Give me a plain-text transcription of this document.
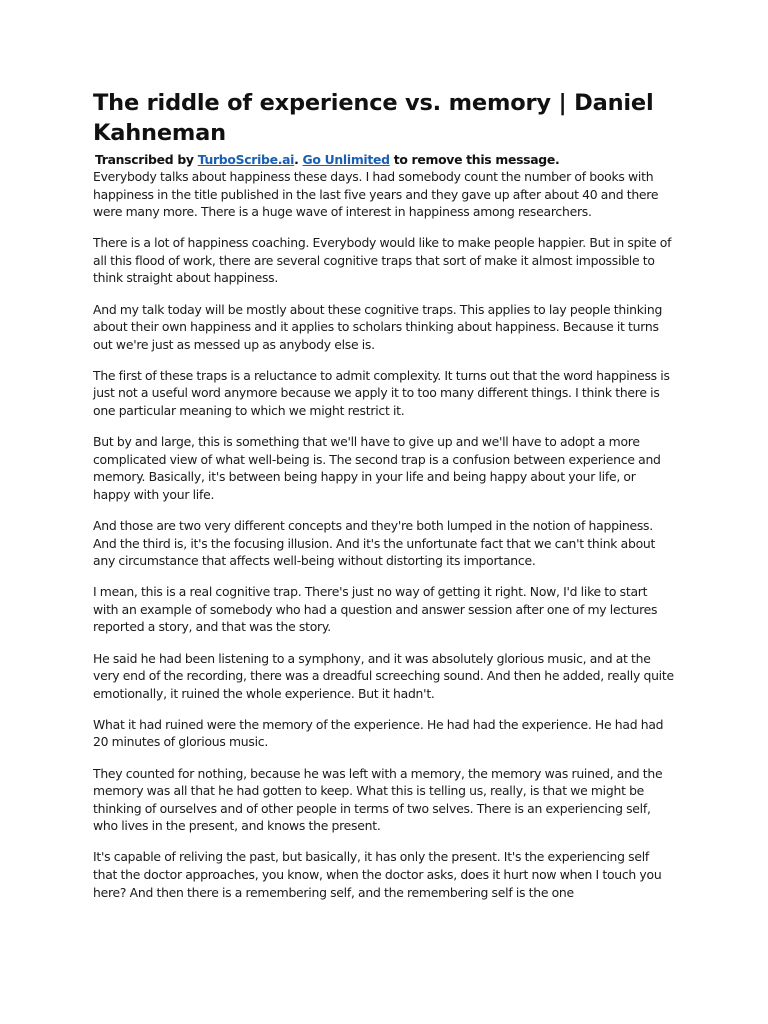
The riddle of experience vs. memory | Daniel Kahneman
Transcribed by TurboScribe.ai. Go Unlimited to remove this message.

Everybody talks about happiness these days. I had somebody count the number of books with happiness in the title published in the last five years and they gave up after about 40 and there were many more. There is a huge wave of interest in happiness among researchers.

There is a lot of happiness coaching. Everybody would like to make people happier. But in spite of all this flood of work, there are several cognitive traps that sort of make it almost impossible to think straight about happiness.

And my talk today will be mostly about these cognitive traps. This applies to lay people thinking about their own happiness and it applies to scholars thinking about happiness. Because it turns out we're just as messed up as anybody else is.

The first of these traps is a reluctance to admit complexity. It turns out that the word happiness is just not a useful word anymore because we apply it to too many different things. I think there is one particular meaning to which we might restrict it.

But by and large, this is something that we'll have to give up and we'll have to adopt a more complicated view of what well-being is. The second trap is a confusion between experience and memory. Basically, it's between being happy in your life and being happy about your life, or happy with your life.

And those are two very different concepts and they're both lumped in the notion of happiness. And the third is, it's the focusing illusion. And it's the unfortunate fact that we can't think about any circumstance that affects well-being without distorting its importance.

I mean, this is a real cognitive trap. There's just no way of getting it right. Now, I'd like to start with an example of somebody who had a question and answer session after one of my lectures reported a story, and that was the story.

He said he had been listening to a symphony, and it was absolutely glorious music, and at the very end of the recording, there was a dreadful screeching sound. And then he added, really quite emotionally, it ruined the whole experience. But it hadn't.

What it had ruined were the memory of the experience. He had had the experience. He had had 20 minutes of glorious music.

They counted for nothing, because he was left with a memory, the memory was ruined, and the memory was all that he had gotten to keep. What this is telling us, really, is that we might be thinking of ourselves and of other people in terms of two selves. There is an experiencing self, who lives in the present, and knows the present.

It's capable of reliving the past, but basically, it has only the present. It's the experiencing self that the doctor approaches, you know, when the doctor asks, does it hurt now when I touch you here? And then there is a remembering self, and the remembering self is the one
